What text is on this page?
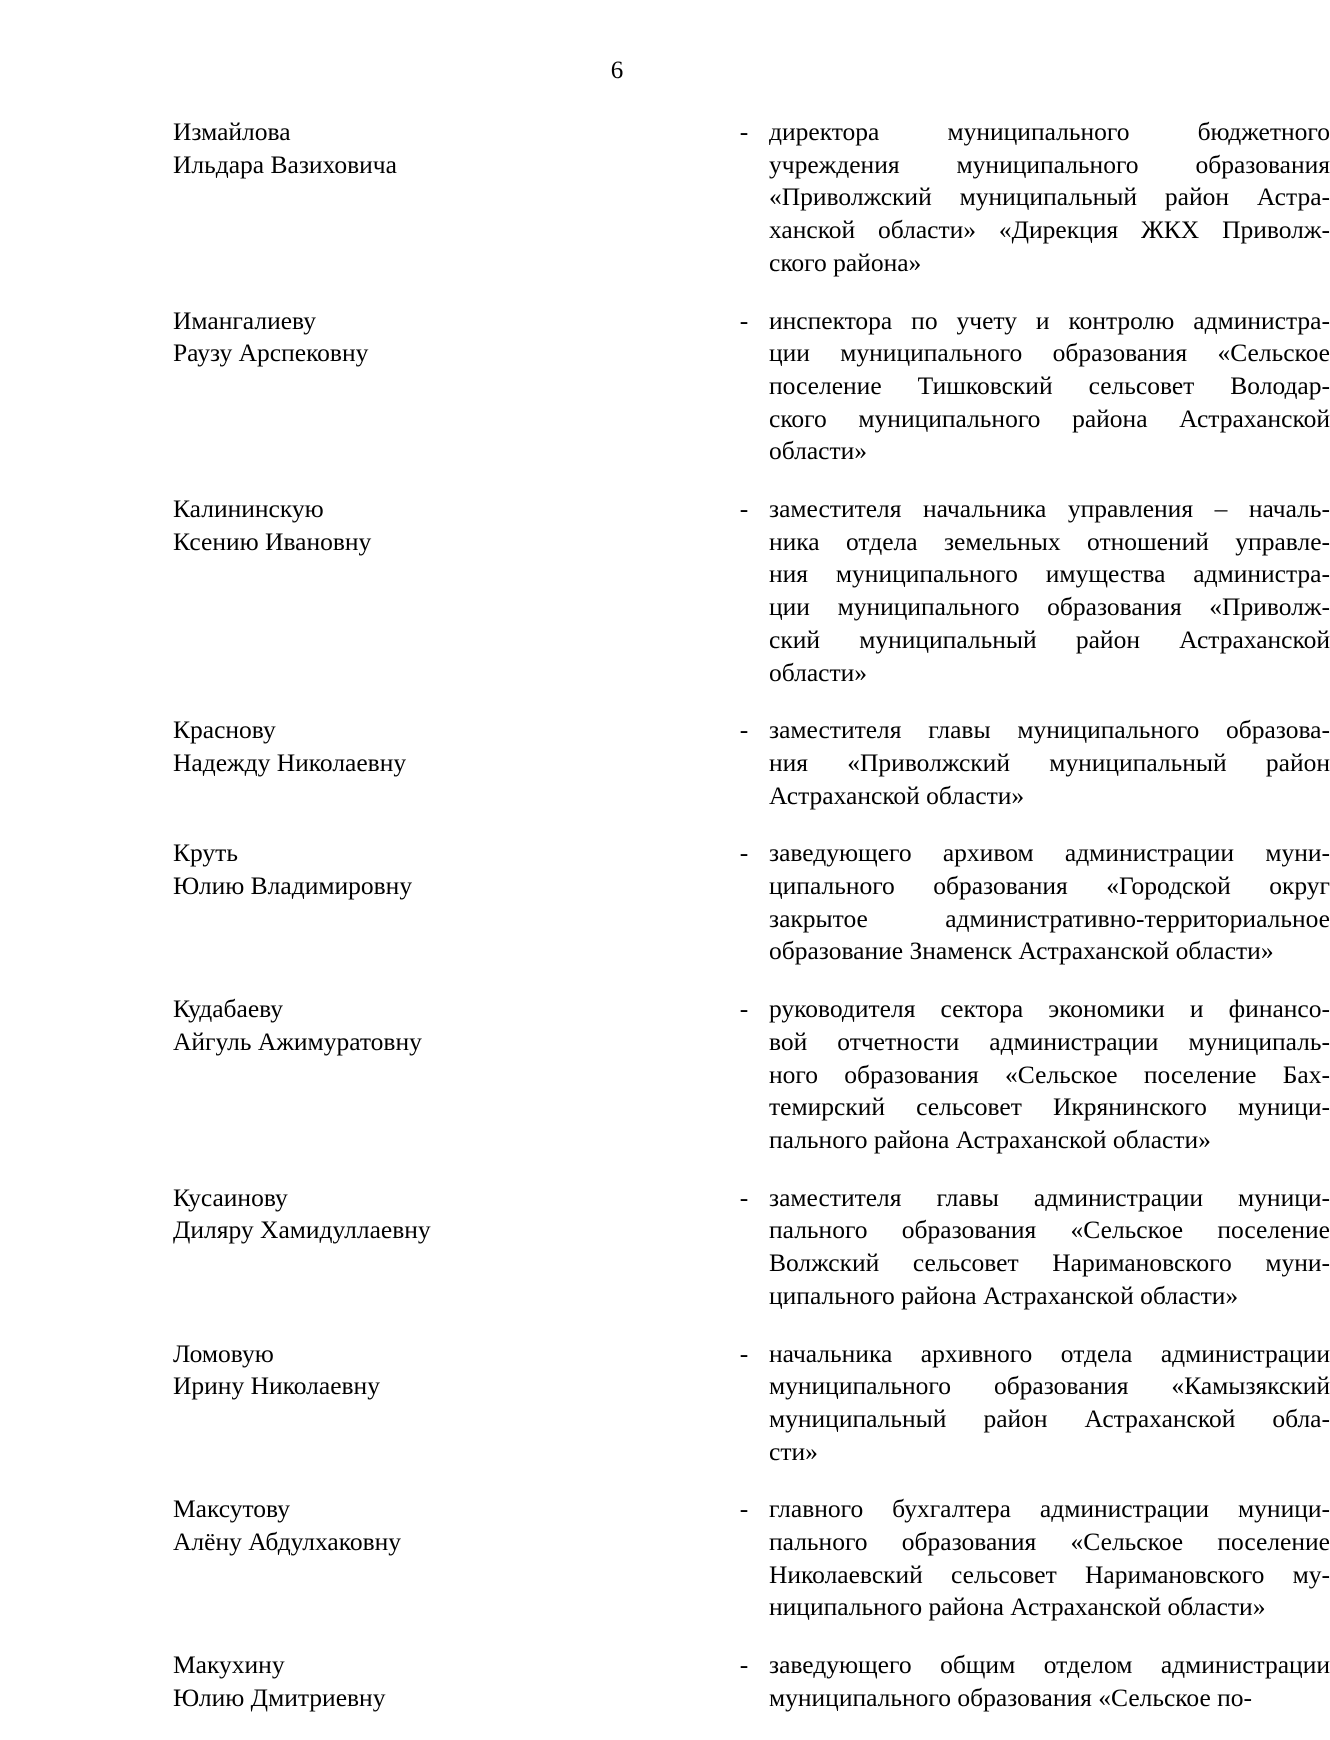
6
Измайлова
Ильдара Вазиховича
- директора муниципального бюджетного
учреждения муниципального образования
«Приволжский муниципальный район Астра-
ханской области» «Дирекция ЖКХ Приволж-
ского района»
Имангалиеву
Раузу Арспековну
- инспектора по учету и контролю администра-
ции муниципального образования «Сельское
поселение Тишковский сельсовет Володар-
ского муниципального района Астраханской
области»
Калининскую
Ксению Ивановну
- заместителя начальника управления – началь-
ника отдела земельных отношений управле-
ния муниципального имущества администра-
ции муниципального образования «Приволж-
ский муниципальный район Астраханской
области»
Краснову
Надежду Николаевну
- заместителя главы муниципального образова-
ния «Приволжский муниципальный район
Астраханской области»
Круть
Юлию Владимировну
- заведующего архивом администрации муни-
ципального образования «Городской округ
закрытое административно-территориальное
образование Знаменск Астраханской области»
Кудабаеву
Айгуль Ажимуратовну
- руководителя сектора экономики и финансо-
вой отчетности администрации муниципаль-
ного образования «Сельское поселение Бах-
темирский сельсовет Икрянинского муници-
пального района Астраханской области»
Кусаинову
Диляру Хамидуллаевну
- заместителя главы администрации муници-
пального образования «Сельское поселение
Волжский сельсовет Наримановского муни-
ципального района Астраханской области»
Ломовую
Ирину Николаевну
- начальника архивного отдела администрации
муниципального образования «Камызякский
муниципальный район Астраханской обла-
сти»
Максутову
Алёну Абдулхаковну
- главного бухгалтера администрации муници-
пального образования «Сельское поселение
Николаевский сельсовет Наримановского му-
ниципального района Астраханской области»
Макухину
Юлию Дмитриевну
- заведующего общим отделом администрации
муниципального образования «Сельское по-
